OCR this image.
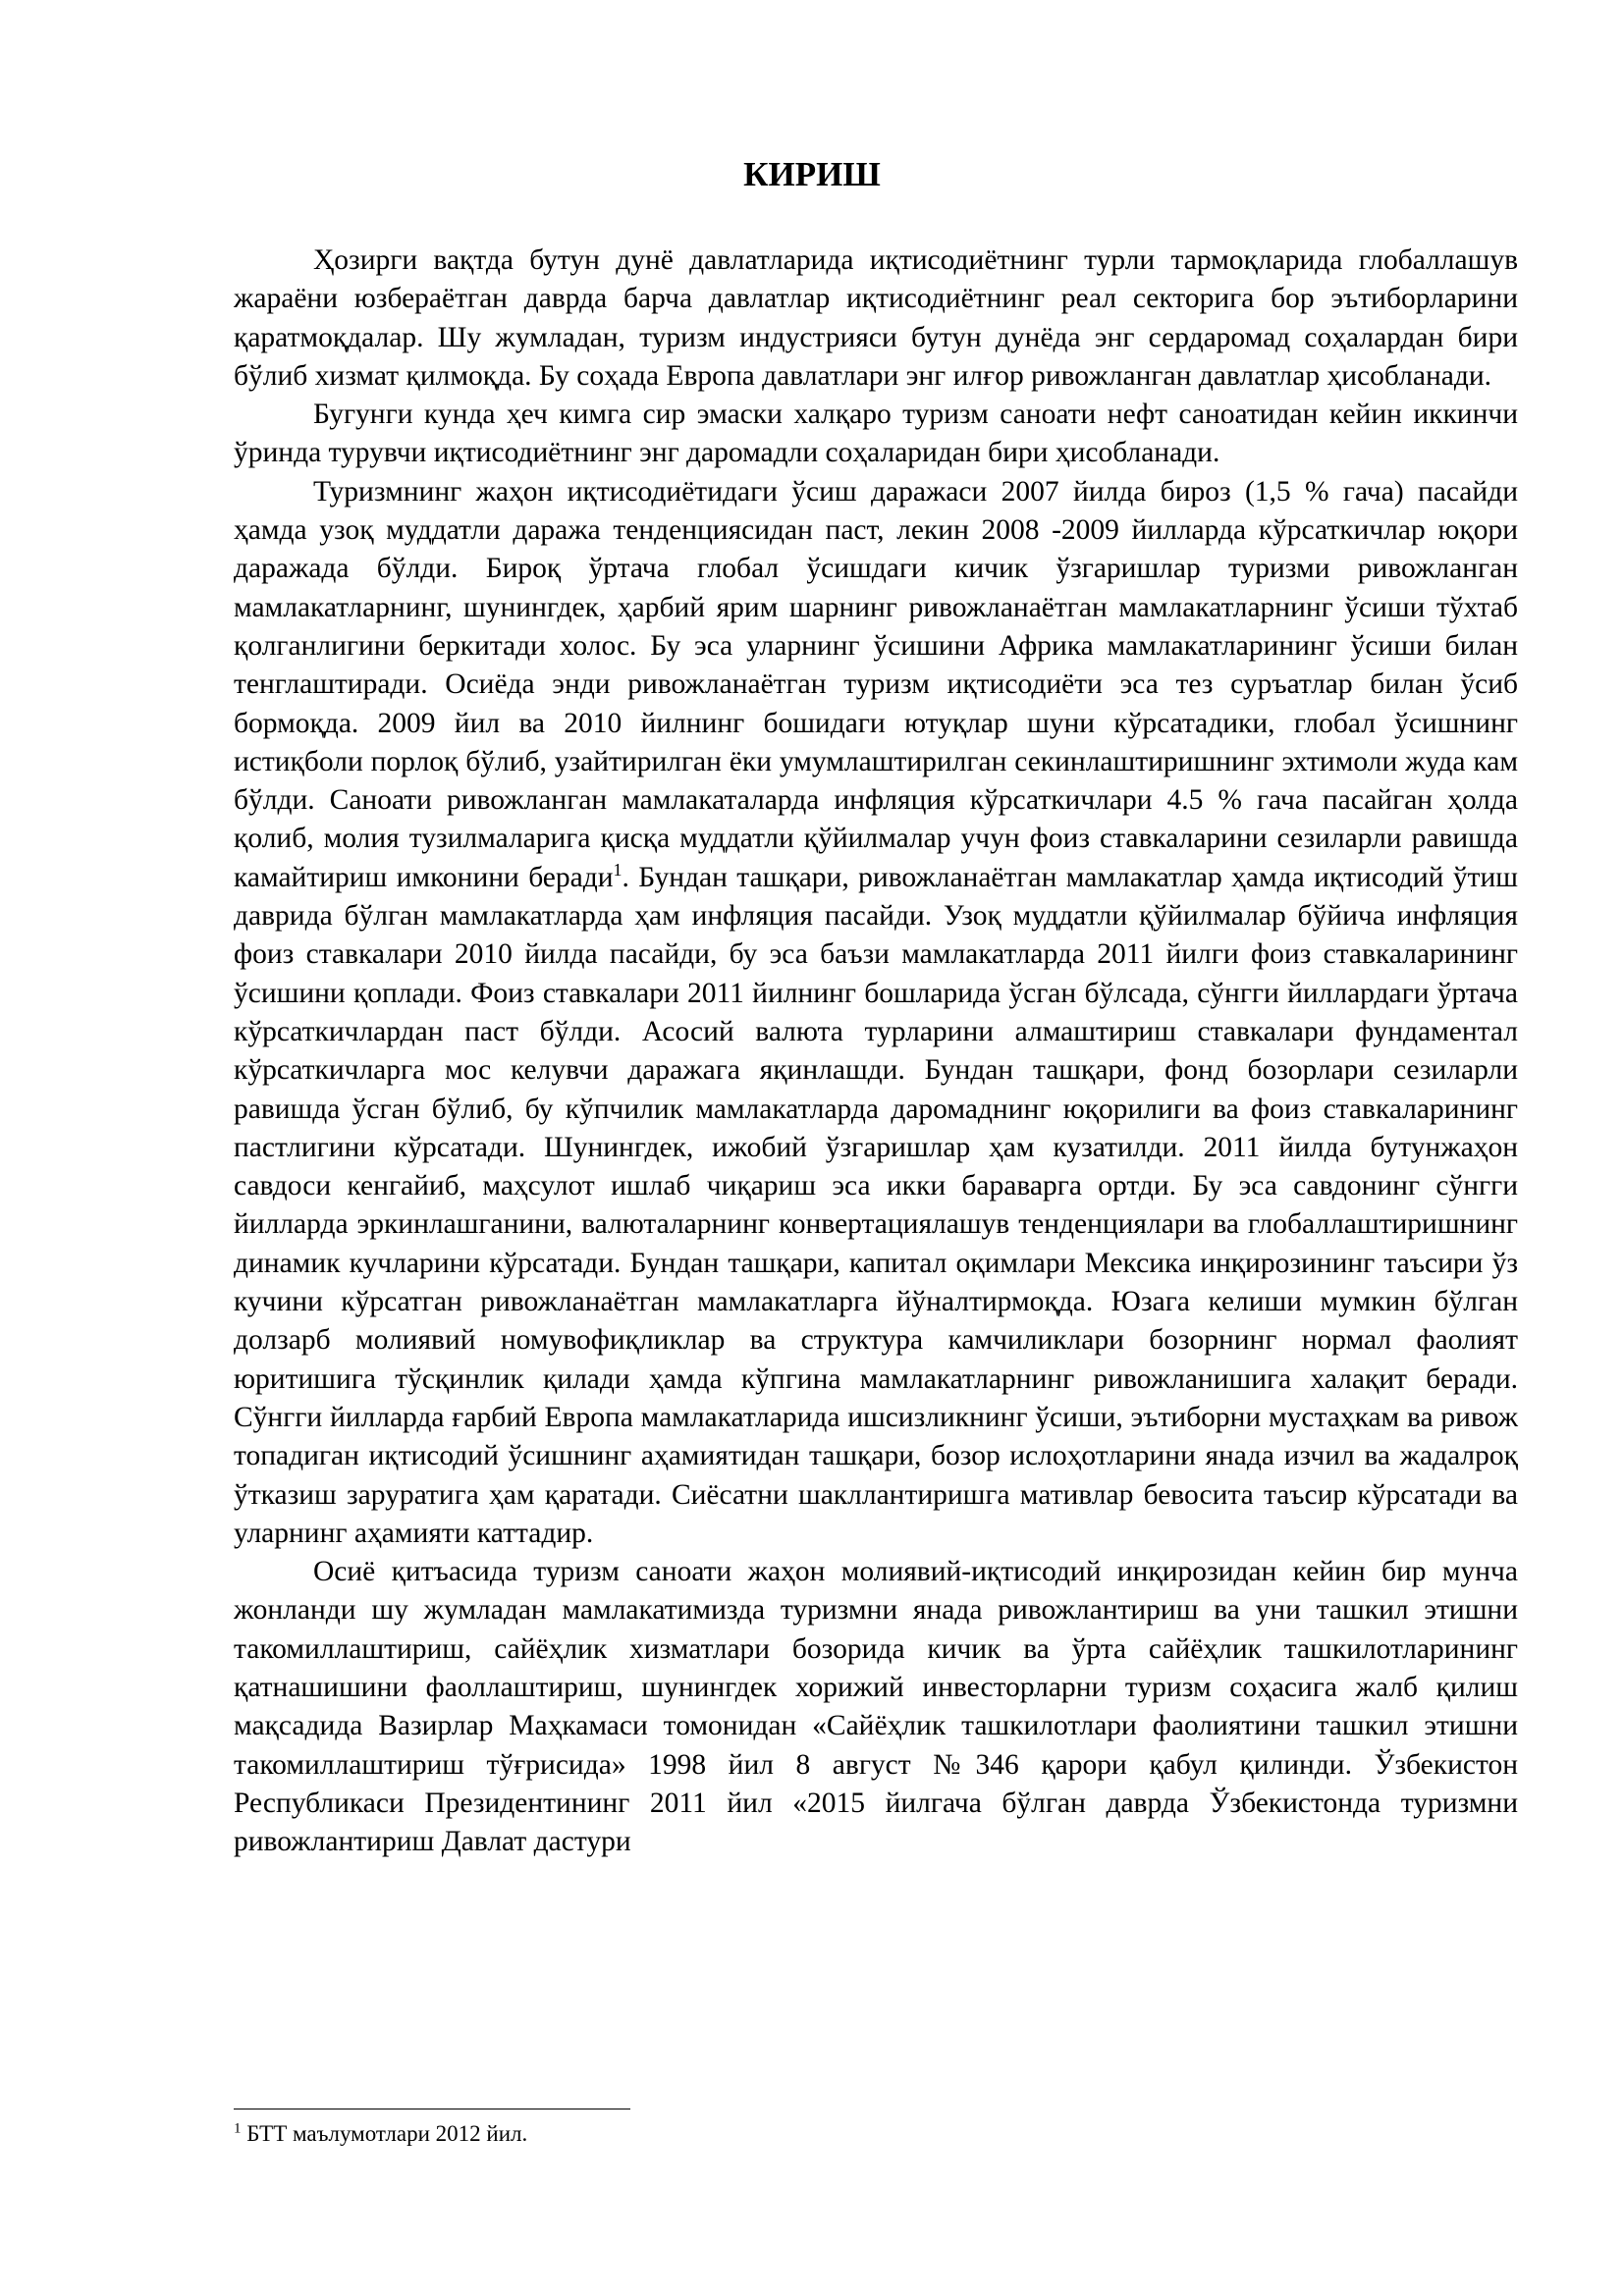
КИРИШ

Ҳозирги вақтда бутун дунё давлатларида иқтисодиётнинг турли тармоқларида глобаллашув жараёни юзбераётган даврда барча давлатлар иқтисодиётнинг реал секторига бор эътиборларини қаратмоқдалар. Шу жумладан, туризм индустрияси бутун дунёда энг сердаромад соҳалардан бири бўлиб хизмат қилмоқда. Бу соҳада Европа давлатлари энг илғор ривожланган давлатлар ҳисобланади.

Бугунги кунда ҳеч кимга сир эмаски халқаро туризм саноати нефт саноатидан кейин иккинчи ўринда турувчи иқтисодиётнинг энг даромадли соҳаларидан бири ҳисобланади.

Туризмнинг жаҳон иқтисодиётидаги ўсиш даражаси 2007 йилда бироз (1,5 % гача) пасайди ҳамда узоқ муддатли даража тенденциясидан паст, лекин 2008 -2009 йилларда кўрсаткичлар юқори даражада бўлди. Бироқ ўртача глобал ўсишдаги кичик ўзгаришлар туризми ривожланган мамлакатларнинг, шунингдек, ҳарбий ярим шарнинг ривожланаётган мамлакатларнинг ўсиши тўхтаб қолганлигини беркитади холос. Бу эса уларнинг ўсишини Африка мамлакатларининг ўсиши билан тенглаштиради. Осиёда энди ривожланаётган туризм иқтисодиёти эса тез суръатлар билан ўсиб бормоқда. 2009 йил ва 2010 йилнинг бошидаги ютуқлар шуни кўрсатадики, глобал ўсишнинг истиқболи порлоқ бўлиб, узайтирилган ёки умумлаштирилган секинлаштиришнинг эхтимоли жуда кам бўлди. Саноати ривожланган мамлакаталарда инфляция кўрсаткичлари 4.5 % гача пасайган ҳолда қолиб, молия тузилмаларига қисқа муддатли қўйилмалар учун фоиз ставкаларини сезиларли равишда камайтириш имконини беради$^1$. Бундан ташқари, ривожланаётган мамлакатлар ҳамда иқтисодий ўтиш даврида бўлган мамлакатларда ҳам инфляция пасайди. Узоқ муддатли қўйилмалар бўйича инфляция фоиз ставкалари 2010 йилда пасайди, бу эса баъзи мамлакатларда 2011 йилги фоиз ставкаларининг ўсишини қоплади. Фоиз ставкалари 2011 йилнинг бошларида ўсган бўлсада, сўнгги йиллардаги ўртача кўрсаткичлардан паст бўлди. Асосий валюта турларини алмаштириш ставкалари фундаментал кўрсаткичларга мос келувчи даражага яқинлашди. Бундан ташқари, фонд бозорлари сезиларли равишда ўсган бўлиб, бу кўпчилик мамлакатларда даромаднинг юқорилиги ва фоиз ставкаларининг пастлигини кўрсатади. Шунингдек, ижобий ўзгаришлар ҳам кузатилди. 2011 йилда бутунжаҳон савдоси кенгайиб, маҳсулот ишлаб чиқариш эса икки бараварга ортди. Бу эса савдонинг сўнгги йилларда эркинлашганини, валюталарнинг конвертациялашув тенденциялари ва глобаллаштиришнинг динамик кучларини кўрсатади. Бундан ташқари, капитал оқимлари Мексика инқирозининг таъсири ўз кучини кўрсатган ривожланаётган мамлакатларга йўналтирмоқда. Юзага келиши мумкин бўлган долзарб молиявий номувофиқликлар ва структура камчиликлари бозорнинг нормал фаолият юритишига тўсқинлик қилади ҳамда кўпгина мамлакатларнинг ривожланишига халақит беради. Сўнгги йилларда ғарбий Европа мамлакатларида ишсизликнинг ўсиши, эътиборни мустаҳкам ва ривож топадиган иқтисодий ўсишнинг аҳамиятидан ташқари, бозор ислоҳотларини янада изчил ва жадалроқ ўтказиш заруратига ҳам қаратади. Сиёсатни шакллантиришга мативлар бевосита таъсир кўрсатади ва уларнинг аҳамияти каттадир.

Осиё қитъасида туризм саноати жаҳон молиявий-иқтисодий инқирозидан кейин бир мунча жонланди шу жумладан мамлакатимизда туризмни янада ривожлантириш ва уни ташкил этишни такомиллаштириш, сайёҳлик хизматлари бозорида кичик ва ўрта сайёҳлик ташкилотларининг қатнашишини фаоллаштириш, шунингдек хорижий инвесторларни туризм соҳасига жалб қилиш мақсадида Вазирлар Маҳкамаси томонидан «Сайёҳлик ташкилотлари фаолиятини ташкил этишни такомиллаштириш тўғрисида» 1998 йил 8 август №346 қарори қабул қилинди. Ўзбекистон Республикаси Президентининг 2011 йил «2015 йилгача бўлган даврда Ўзбекистонда туризмни ривожлантириш Давлат дастури

$^1$ БТТ маълумотлари 2012 йил.
